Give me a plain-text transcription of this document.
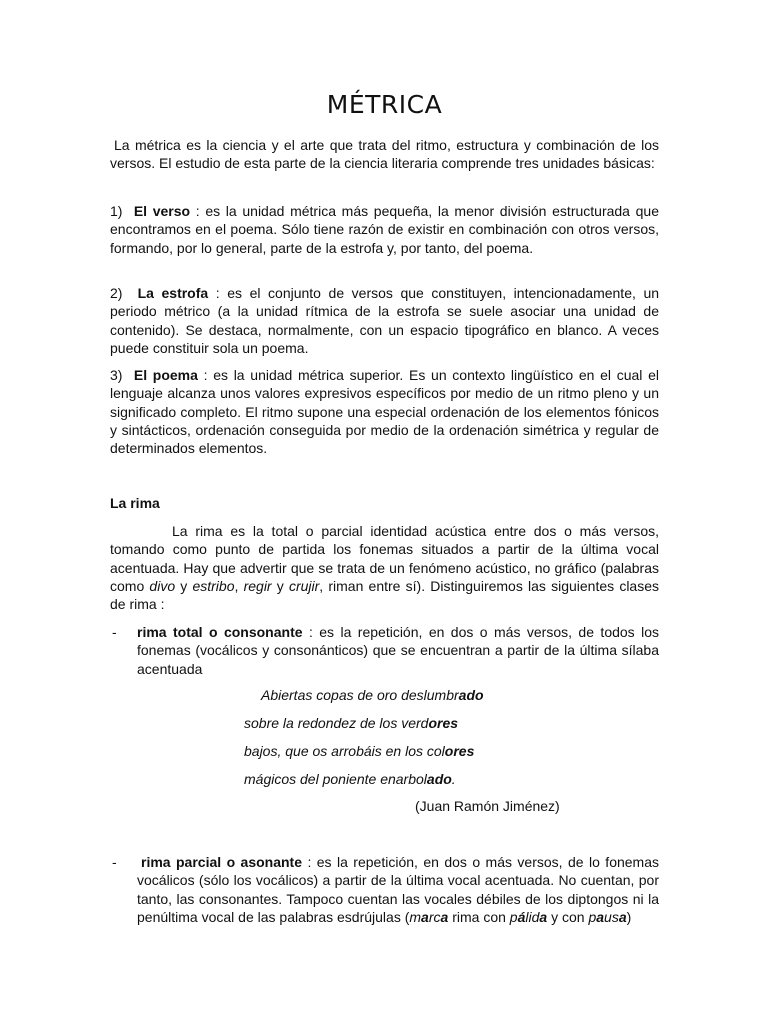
MÉTRICA

La métrica es la ciencia y el arte que trata del ritmo, estructura y combinación de los versos. El estudio de esta parte de la ciencia literaria comprende tres unidades básicas:

1) El verso : es la unidad métrica más pequeña, la menor división estructurada que encontramos en el poema. Sólo tiene razón de existir en combinación con otros versos, formando, por lo general, parte de la estrofa y, por tanto, del poema.

2) La estrofa : es el conjunto de versos que constituyen, intencionadamente, un periodo métrico (a la unidad rítmica de la estrofa se suele asociar una unidad de contenido). Se destaca, normalmente, con un espacio tipográfico en blanco. A veces puede constituir sola un poema.

3) El poema : es la unidad métrica superior. Es un contexto lingüístico en el cual el lenguaje alcanza unos valores expresivos específicos por medio de un ritmo pleno y un significado completo. El ritmo supone una especial ordenación de los elementos fónicos y sintácticos, ordenación conseguida por medio de la ordenación simétrica y regular de determinados elementos.

La rima

La rima es la total o parcial identidad acústica entre dos o más versos, tomando como punto de partida los fonemas situados a partir de la última vocal acentuada. Hay que advertir que se trata de un fenómeno acústico, no gráfico (palabras como divo y estribo, regir y crujir, riman entre sí). Distinguiremos las siguientes clases de rima :

- rima total o consonante : es la repetición, en dos o más versos, de todos los fonemas (vocálicos y consonánticos) que se encuentran a partir de la última sílaba acentuada

Abiertas copas de oro deslumbrado
sobre la redondez de los verdores
bajos, que os arrobáis en los colores
mágicos del poniente enarbolado.
(Juan Ramón Jiménez)
- rima parcial o asonante : es la repetición, en dos o más versos, de lo fonemas vocálicos (sólo los vocálicos) a partir de la última vocal acentuada. No cuentan, por tanto, las consonantes. Tampoco cuentan las vocales débiles de los diptongos ni la penúltima vocal de las palabras esdrújulas (marca rima con pálida y con pausa)
